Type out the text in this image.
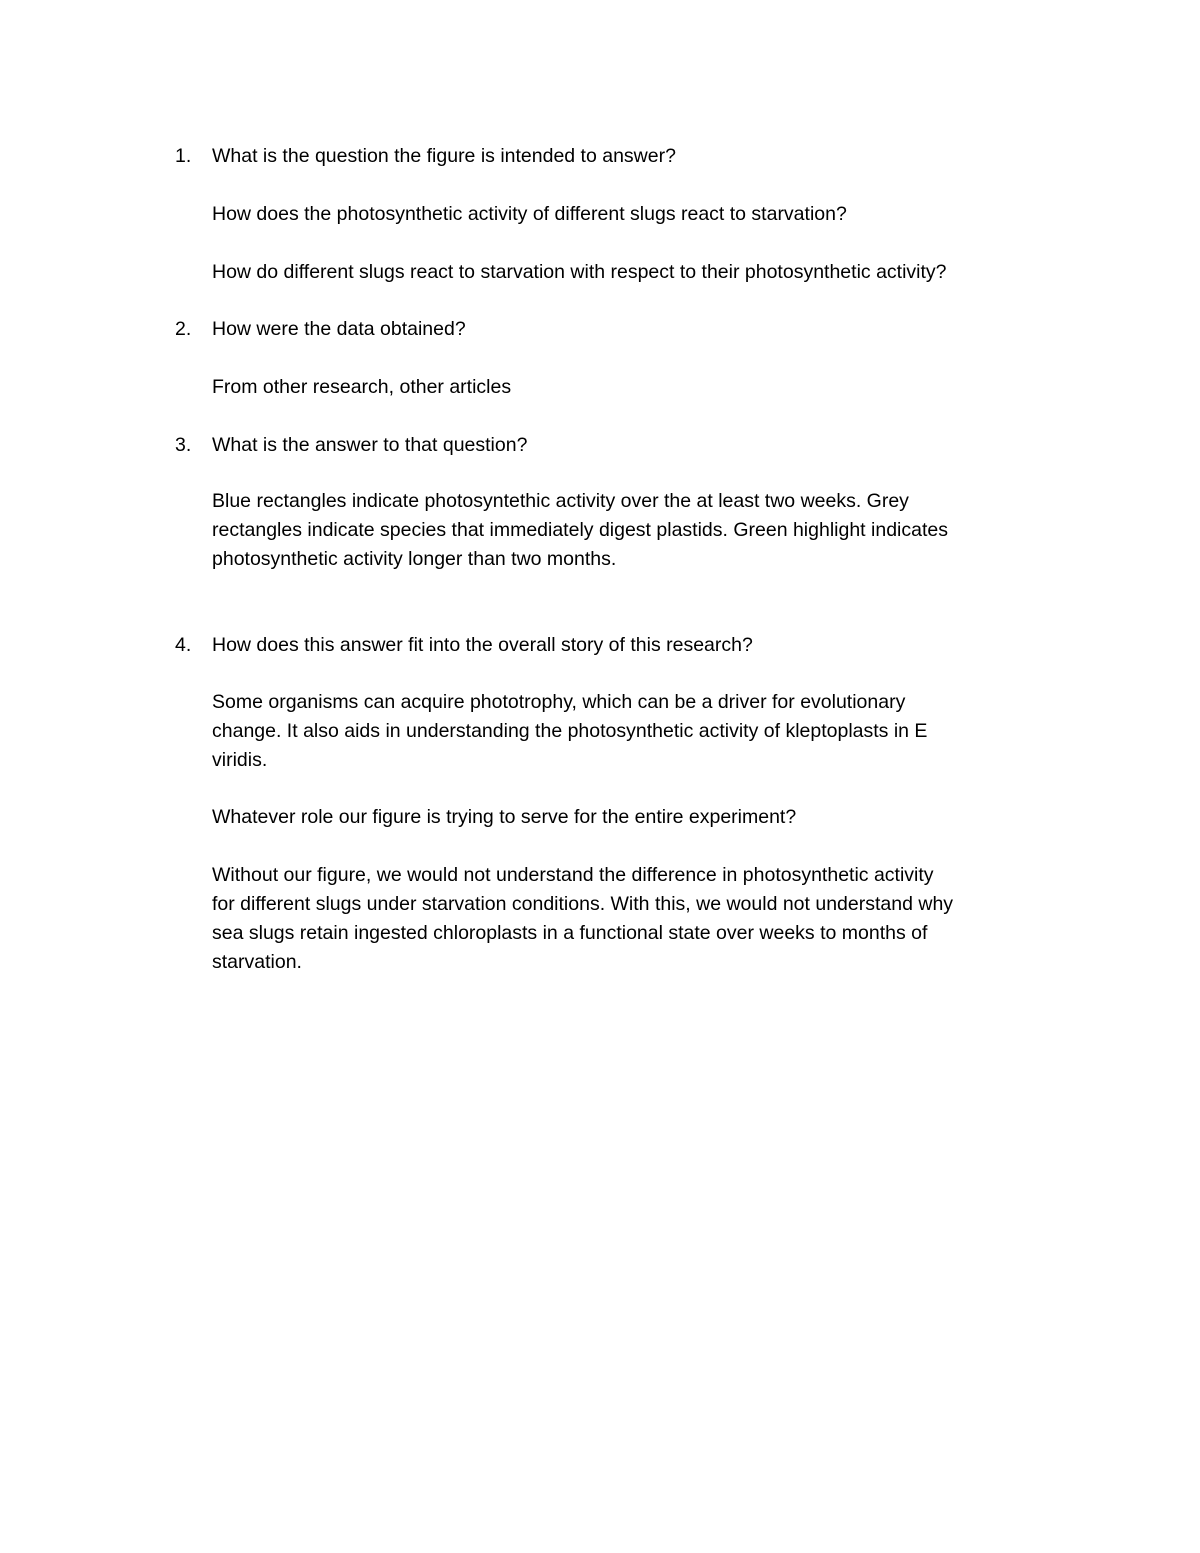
1.	What is the question the figure is intended to answer?
How does the photosynthetic activity of different slugs react to starvation?
How do different slugs react to starvation with respect to their photosynthetic activity?
2.	How were the data obtained?
From other research, other articles
3.	What is the answer to that question?
Blue rectangles indicate photosyntethic activity over the at least two weeks. Grey
rectangles indicate species that immediately digest plastids. Green highlight indicates
photosynthetic activity longer than two months.
4.	How does this answer fit into the overall story of this research?
Some organisms can acquire phototrophy, which can be a driver for evolutionary
change. It also aids in understanding the photosynthetic activity of kleptoplasts in E
viridis.
Whatever role our figure is trying to serve for the entire experiment?
Without our figure, we would not understand the difference in photosynthetic activity
for different slugs under starvation conditions. With this, we would not understand why
sea slugs retain ingested chloroplasts in a functional state over weeks to months of
starvation.
